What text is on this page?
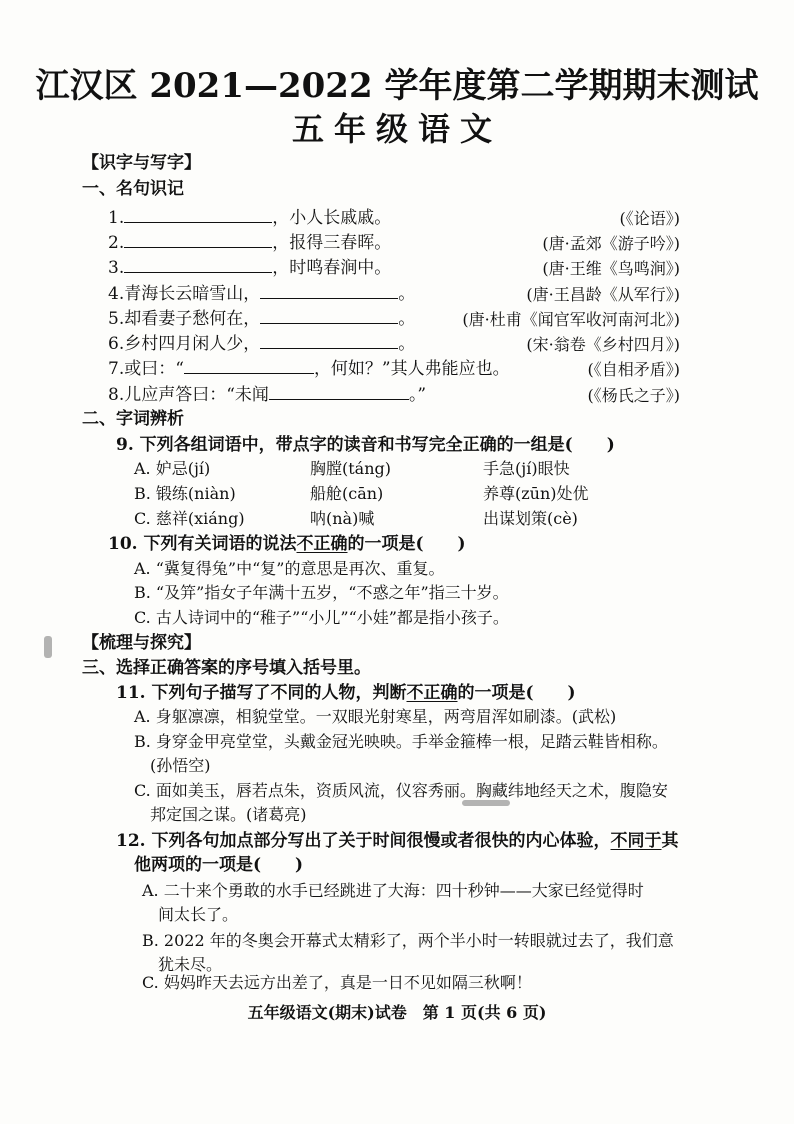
江汉区 2021—2022 学年度第二学期期末测试
五年级语文
【识字与写字】
一、名句识记
1.	，小人长戚戚。	(《论语》)
2.	，报得三春晖。	(唐·孟郊《游子吟》)
3.	，时鸣春涧中。	(唐·王维《鸟鸣涧》)
4.青海长云暗雪山，	。	(唐·王昌龄《从军行》)
5.却看妻子愁何在，	。	(唐·杜甫《闻官军收河南河北》)
6.乡村四月闲人少，	。	(宋·翁卷《乡村四月》)
7.或曰：“	，何如？”其人弗能应也。	(《自相矛盾》)
8.儿应声答曰：“未闻	。”	(《杨氏之子》)
二、字词辨析
9. 下列各组词语中，带点字的读音和书写完全正确的一组是(　　)
A. 妒忌(jí)	胸膛(táng)	手急(jí)眼快
B. 锻练(niàn)	船舱(cān)	养尊(zūn)处优
C. 慈祥(xiáng)	呐(nà)喊	出谋划策(cè)
10. 下列有关词语的说法不正确的一项是(　　)
A. “冀复得兔”中“复”的意思是再次、重复。
B. “及笄”指女子年满十五岁，“不惑之年”指三十岁。
C. 古人诗词中的“稚子”“小儿”“小娃”都是指小孩子。
【梳理与探究】
三、选择正确答案的序号填入括号里。
11. 下列句子描写了不同的人物，判断不正确的一项是(　　)
A. 身躯凛凛，相貌堂堂。一双眼光射寒星，两弯眉浑如刷漆。(武松)
B. 身穿金甲亮堂堂，头戴金冠光映映。手举金箍棒一根，足踏云鞋皆相称。
(孙悟空)
C. 面如美玉，唇若点朱，资质风流，仪容秀丽。胸藏纬地经天之术，腹隐安
邦定国之谋。(诸葛亮)
12. 下列各句加点部分写出了关于时间很慢或者很快的内心体验，不同于其
他两项的一项是(　　)
A. 二十来个勇敢的水手已经跳进了大海：四十秒钟——大家已经觉得时
间太长了。
B. 2022 年的冬奥会开幕式太精彩了，两个半小时一转眼就过去了，我们意
犹未尽。
C. 妈妈昨天去远方出差了，真是一日不见如隔三秋啊！
五年级语文(期末)试卷　第 1 页(共 6 页)
